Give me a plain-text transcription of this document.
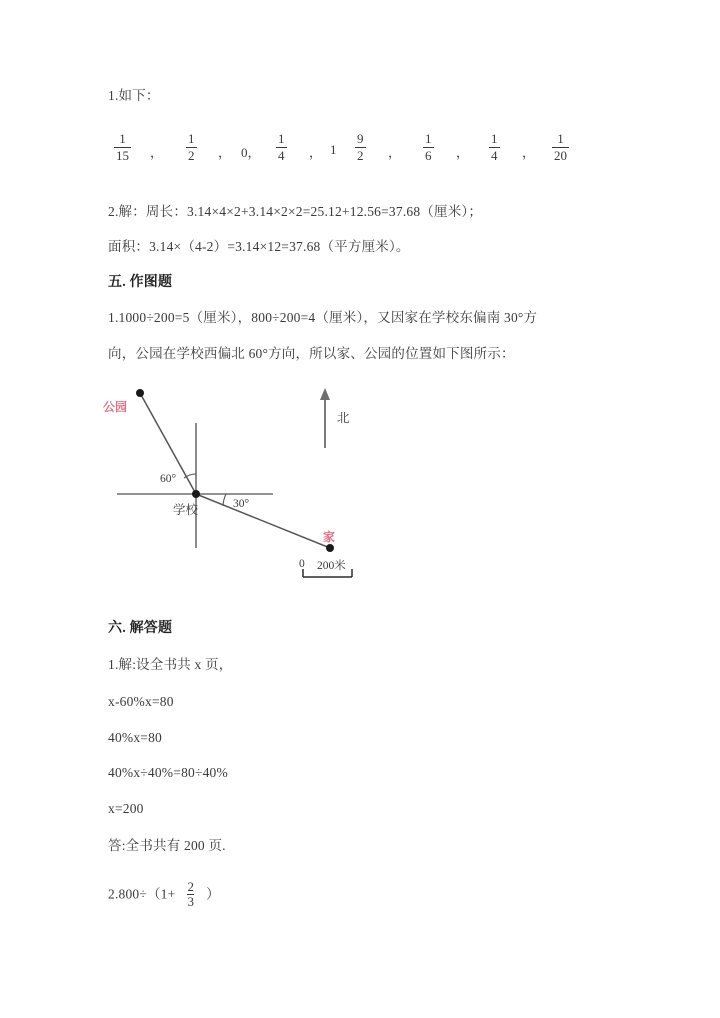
1.如下：
1
15 ，
1
2 ， 0，
1
4 ， 1
9
2 ，
1
6 ，
1
4 ，
1
20
2.解：周长：3.14×4×2+3.14×2×2=25.12+12.56=37.68（厘米）；
面积：3.14×（4-2）=3.14×12=37.68（平方厘米）。
五. 作图题
1.1000÷200=5（厘米），800÷200=4（厘米），又因家在学校东偏南 30°方
向，公园在学校西偏北 60°方向，所以家、公园的位置如下图所示：
公园
家
学校
北
60°
30°
0 200米
六. 解答题
1.解:设全书共 x 页，
x-60%x=80
40%x=80
40%x÷40%=80÷40%
x=200
答:全书共有 200 页.
$2.800\div(1+ \frac{2}{3}$ ）
